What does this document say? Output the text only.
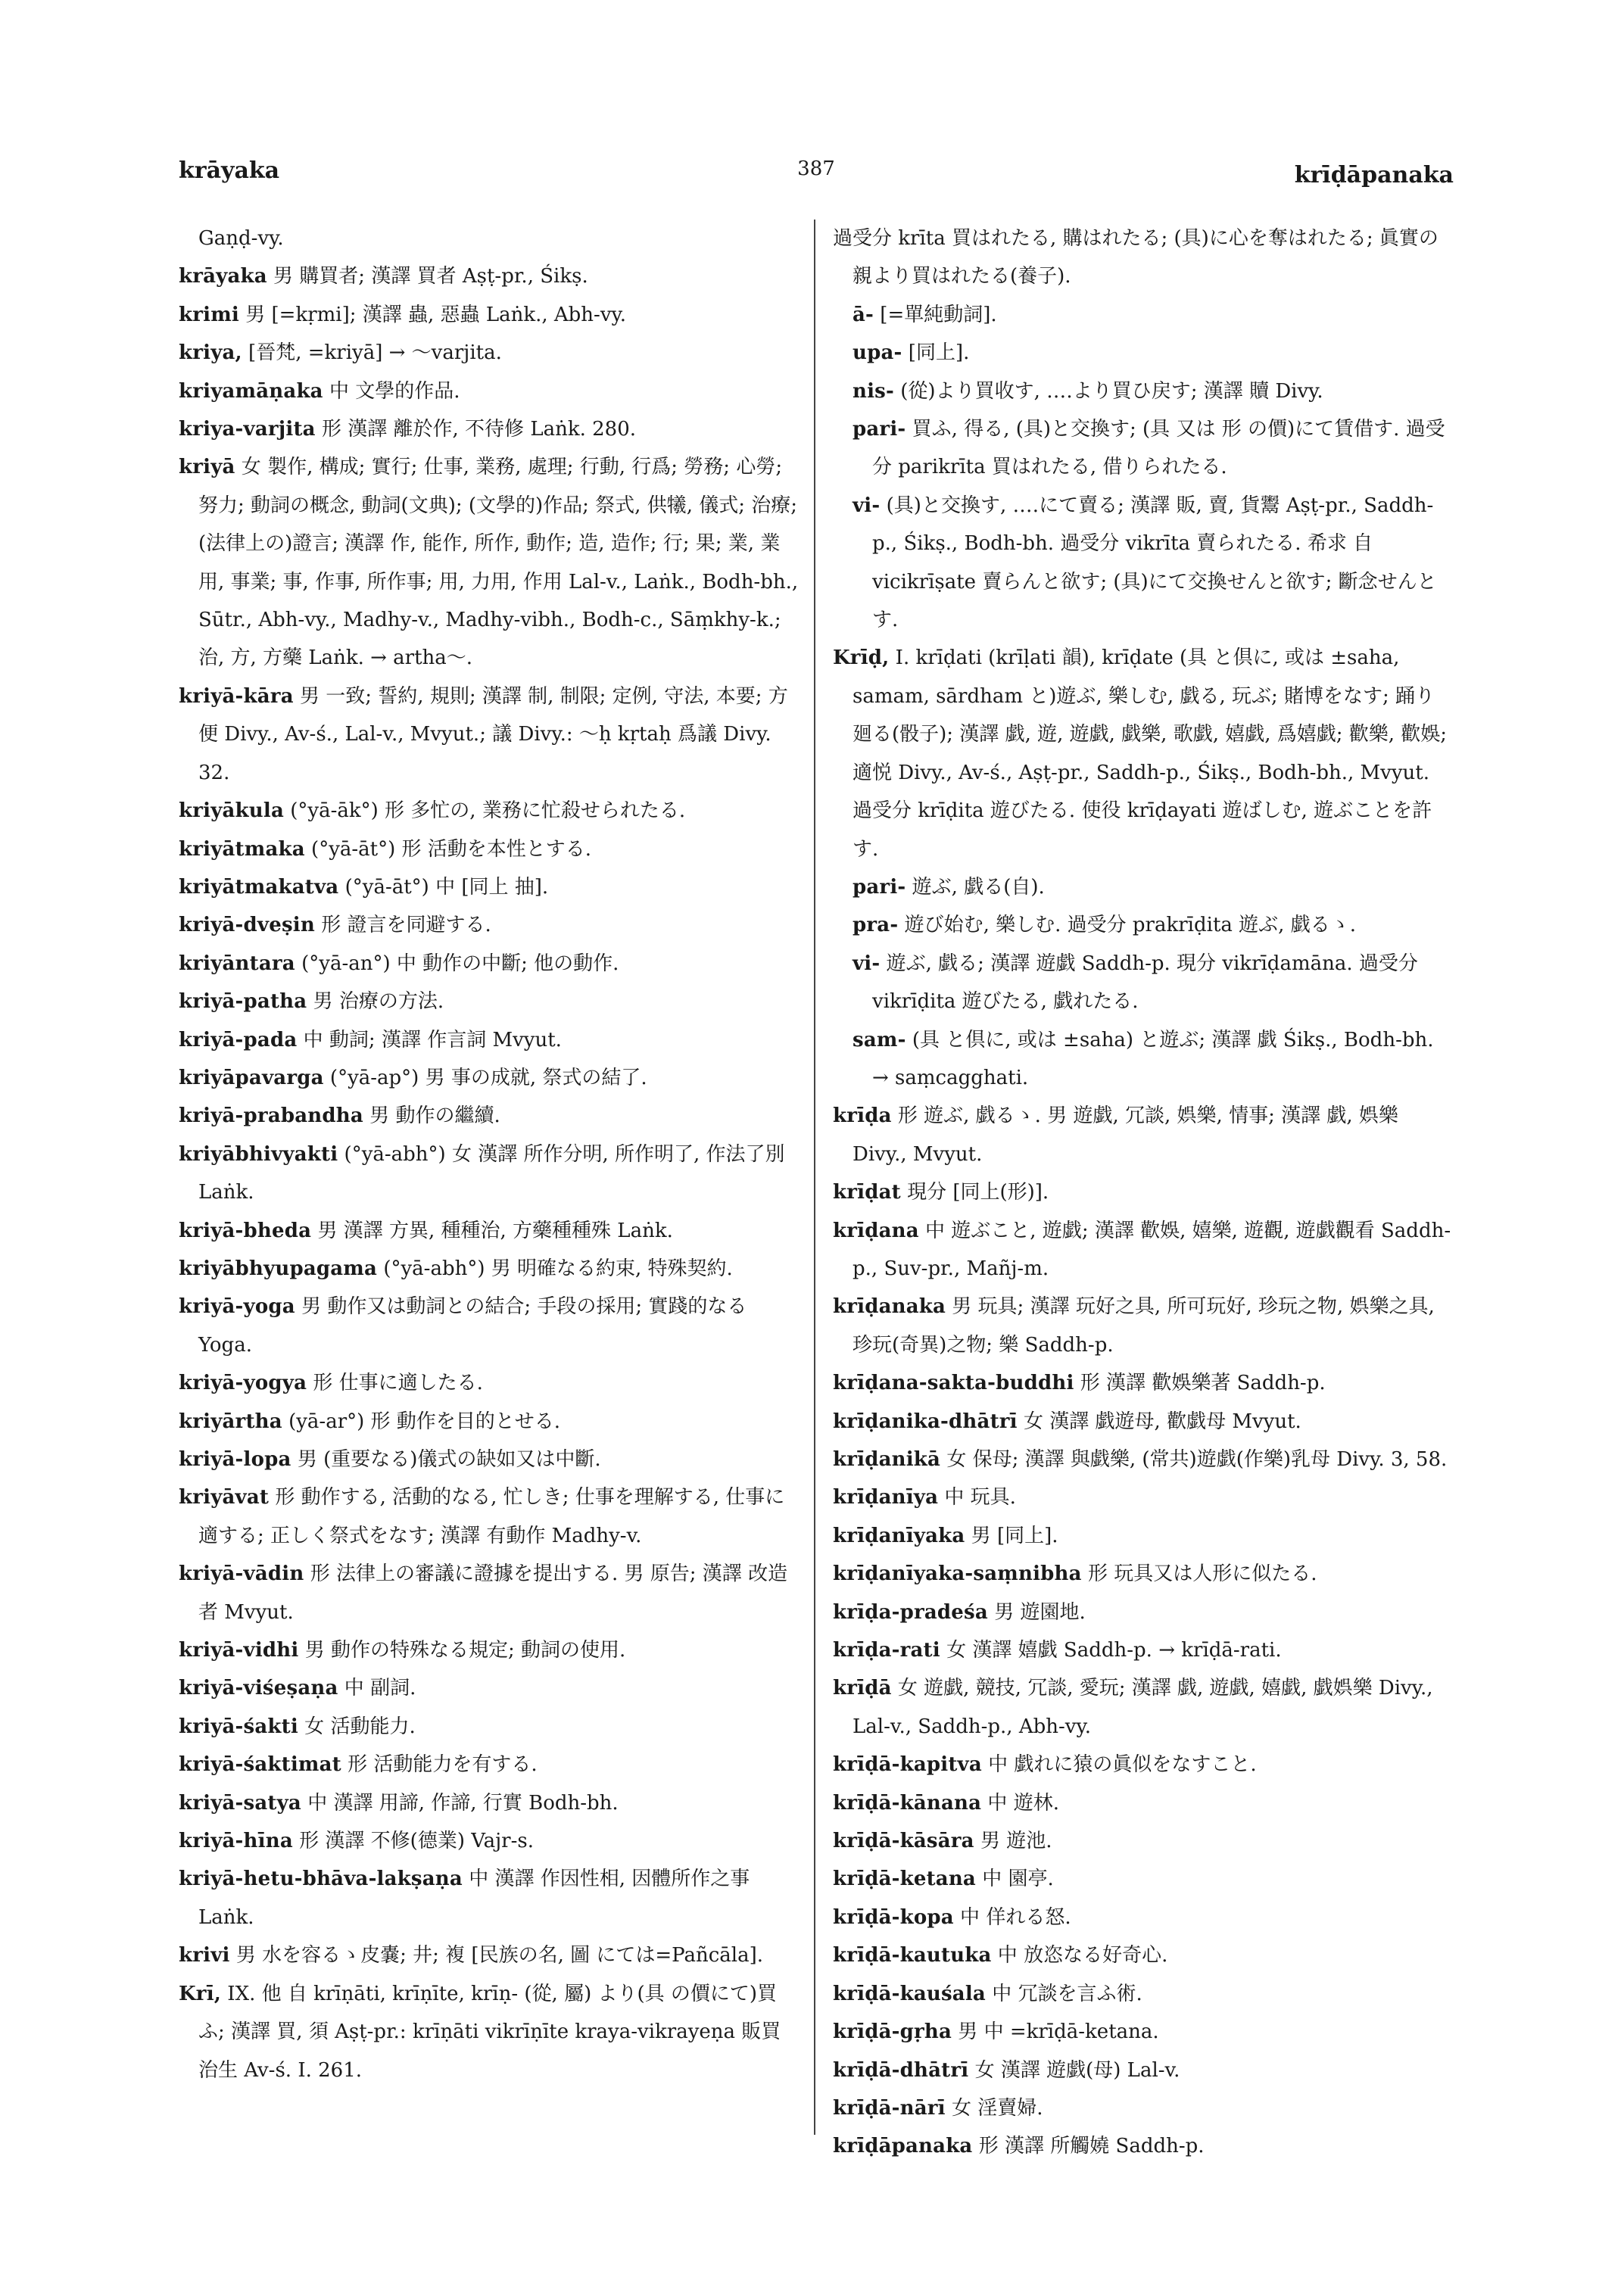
krāyaka	387	krīḍāpanaka

Gaṇḍ-vy.

krāyaka 男 購買者; 漢譯 買者 Aṣṭ-pr., Śikṣ.

krimi 男 [=kṛmi]; 漢譯 蟲, 惡蟲 Laṅk., Abh-vy.

kriya, [晉梵, =kriyā] → 〜varjita.

kriyamāṇaka 中 文學的作品.

kriya-varjita 形 漢譯 離於作, 不待修 Laṅk. 280.

kriyā 女 製作, 構成; 實行; 仕事, 業務, 處理; 行動, 行爲; 勞務; 心勞; 努力; 動詞の概念, 動詞(文典); (文學的)作品; 祭式, 供犧, 儀式; 治療; (法律上の)證言; 漢譯 作, 能作, 所作, 動作; 造, 造作; 行; 果; 業, 業用, 事業; 事, 作事, 所作事; 用, 力用, 作用 Lal-v., Laṅk., Bodh-bh., Sūtr., Abh-vy., Madhy-v., Madhy-vibh., Bodh-c., Sāṃkhy-k.; 治, 方, 方藥 Laṅk. → artha〜.

kriyā-kāra 男 一致; 誓約, 規則; 漢譯 制, 制限; 定例, 守法, 本要; 方便 Divy., Av-ś., Lal-v., Mvyut.; 議 Divy.: 〜ḥ kṛtaḥ 爲議 Divy. 32.

kriyākula (°yā-āk°) 形 多忙の, 業務に忙殺せられたる.

kriyātmaka (°yā-āt°) 形 活動を本性とする.

kriyātmakatva (°yā-āt°) 中 [同上 抽].

kriyā-dveṣin 形 證言を同避する.

kriyāntara (°yā-an°) 中 動作の中斷; 他の動作.

kriyā-patha 男 治療の方法.

kriyā-pada 中 動詞; 漢譯 作言詞 Mvyut.

kriyāpavarga (°yā-ap°) 男 事の成就, 祭式の結了.

kriyā-prabandha 男 動作の繼續.

kriyābhivyakti (°yā-abh°) 女 漢譯 所作分明, 所作明了, 作法了別 Laṅk.

kriyā-bheda 男 漢譯 方異, 種種治, 方藥種種殊 Laṅk.

kriyābhyupagama (°yā-abh°) 男 明確なる約束, 特殊契約.

kriyā-yoga 男 動作又は動詞との結合; 手段の採用; 實踐的なる Yoga.

kriyā-yogya 形 仕事に適したる.

kriyārtha (yā-ar°) 形 動作を目的とせる.

kriyā-lopa 男 (重要なる)儀式の缺如又は中斷.

kriyāvat 形 動作する, 活動的なる, 忙しき; 仕事を理解する, 仕事に適する; 正しく祭式をなす; 漢譯 有動作 Madhy-v.

kriyā-vādin 形 法律上の審議に證據を提出する. 男 原告; 漢譯 改造者 Mvyut.

kriyā-vidhi 男 動作の特殊なる規定; 動詞の使用.

kriyā-viśeṣaṇa 中 副詞.

kriyā-śakti 女 活動能力.

kriyā-śaktimat 形 活動能力を有する.

kriyā-satya 中 漢譯 用諦, 作諦, 行實 Bodh-bh.

kriyā-hīna 形 漢譯 不修(德業) Vajr-s.

kriyā-hetu-bhāva-lakṣaṇa 中 漢譯 作因性相, 因體所作之事 Laṅk.

krivi 男 水を容るゝ皮嚢; 井; 複 [民族の名, 圖 にては=Pañcāla].

Krī, IX. 他 自 krīṇāti, krīṇīte, krīṇ- (從, 屬) より(具 の價にて)買ふ; 漢譯 買, 須 Aṣṭ-pr.: krīṇāti vikrīṇīte kraya-vikrayeṇa 販買治生 Av-ś. I. 261.

過受分 krīta 買はれたる, 購はれたる; (具)に心を奪はれたる; 眞實の親より買はれたる(養子).

ā- [=單純動詞].

upa- [同上].

nis- (從)より買收す, ‥‥より買ひ戻す; 漢譯 贖 Divy.

pari- 買ふ, 得る, (具)と交換す; (具 又は 形 の價)にて賃借す. 過受分 parikrīta 買はれたる, 借りられたる.

vi- (具)と交換す, ‥‥にて賣る; 漢譯 販, 賣, 貨鬻 Aṣṭ-pr., Saddh-p., Śikṣ., Bodh-bh. 過受分 vikrīta 賣られたる. 希求 自 vicikrīṣate 賣らんと欲す; (具)にて交換せんと欲す; 斷念せんとす.

Krīḍ, I. krīḍati (krīḷati 韻), krīḍate (具 と倶に, 或は ±saha, samam, sārdham と)遊ぶ, 樂しむ, 戯る, 玩ぶ; 賭博をなす; 踊り廻る(骰子); 漢譯 戯, 遊, 遊戯, 戯樂, 歌戯, 嬉戯, 爲嬉戯; 歡樂, 歡娛; 適悦 Divy., Av-ś., Aṣṭ-pr., Saddh-p., Śikṣ., Bodh-bh., Mvyut. 過受分 krīḍita 遊びたる. 使役 krīḍayati 遊ばしむ, 遊ぶことを許す.

pari- 遊ぶ, 戯る(自).

pra- 遊び始む, 樂しむ. 過受分 prakrīḍita 遊ぶ, 戯るゝ.

vi- 遊ぶ, 戯る; 漢譯 遊戯 Saddh-p. 現分 vikrīḍamāna. 過受分 vikrīḍita 遊びたる, 戯れたる.

sam- (具 と倶に, 或は ±saha) と遊ぶ; 漢譯 戯 Śikṣ., Bodh-bh. → saṃcagghati.

krīḍa 形 遊ぶ, 戯るゝ. 男 遊戯, 冗談, 娯樂, 情事; 漢譯 戯, 娯樂 Divy., Mvyut.

krīḍat 現分 [同上(形)].

krīḍana 中 遊ぶこと, 遊戯; 漢譯 歡娛, 嬉樂, 遊觀, 遊戯觀看 Saddh-p., Suv-pr., Mañj-m.

krīḍanaka 男 玩具; 漢譯 玩好之具, 所可玩好, 珍玩之物, 娯樂之具, 珍玩(奇異)之物; 樂 Saddh-p.

krīḍana-sakta-buddhi 形 漢譯 歡娛樂著 Saddh-p.

krīḍanika-dhātrī 女 漢譯 戯遊母, 歡戯母 Mvyut.

krīḍanikā 女 保母; 漢譯 與戯樂, (常共)遊戯(作樂)乳母 Divy. 3, 58.

krīḍanīya 中 玩具.

krīḍanīyaka 男 [同上].

krīḍanīyaka-saṃnibha 形 玩具又は人形に似たる.

krīḍa-pradeśa 男 遊園地.

krīḍa-rati 女 漢譯 嬉戯 Saddh-p. → krīḍā-rati.

krīḍā 女 遊戯, 競技, 冗談, 愛玩; 漢譯 戯, 遊戯, 嬉戯, 戯娯樂 Divy., Lal-v., Saddh-p., Abh-vy.

krīḍā-kapitva 中 戯れに猿の眞似をなすこと.

krīḍā-kānana 中 遊林.

krīḍā-kāsāra 男 遊池.

krīḍā-ketana 中 園亭.

krīḍā-kopa 中 佯れる怒.

krīḍā-kautuka 中 放恣なる好奇心.

krīḍā-kauśala 中 冗談を言ふ術.

krīḍā-gṛha 男 中 =krīḍā-ketana.

krīḍā-dhātrī 女 漢譯 遊戯(母) Lal-v.

krīḍā-nārī 女 淫賣婦.

krīḍāpanaka 形 漢譯 所觸嬈 Saddh-p.
